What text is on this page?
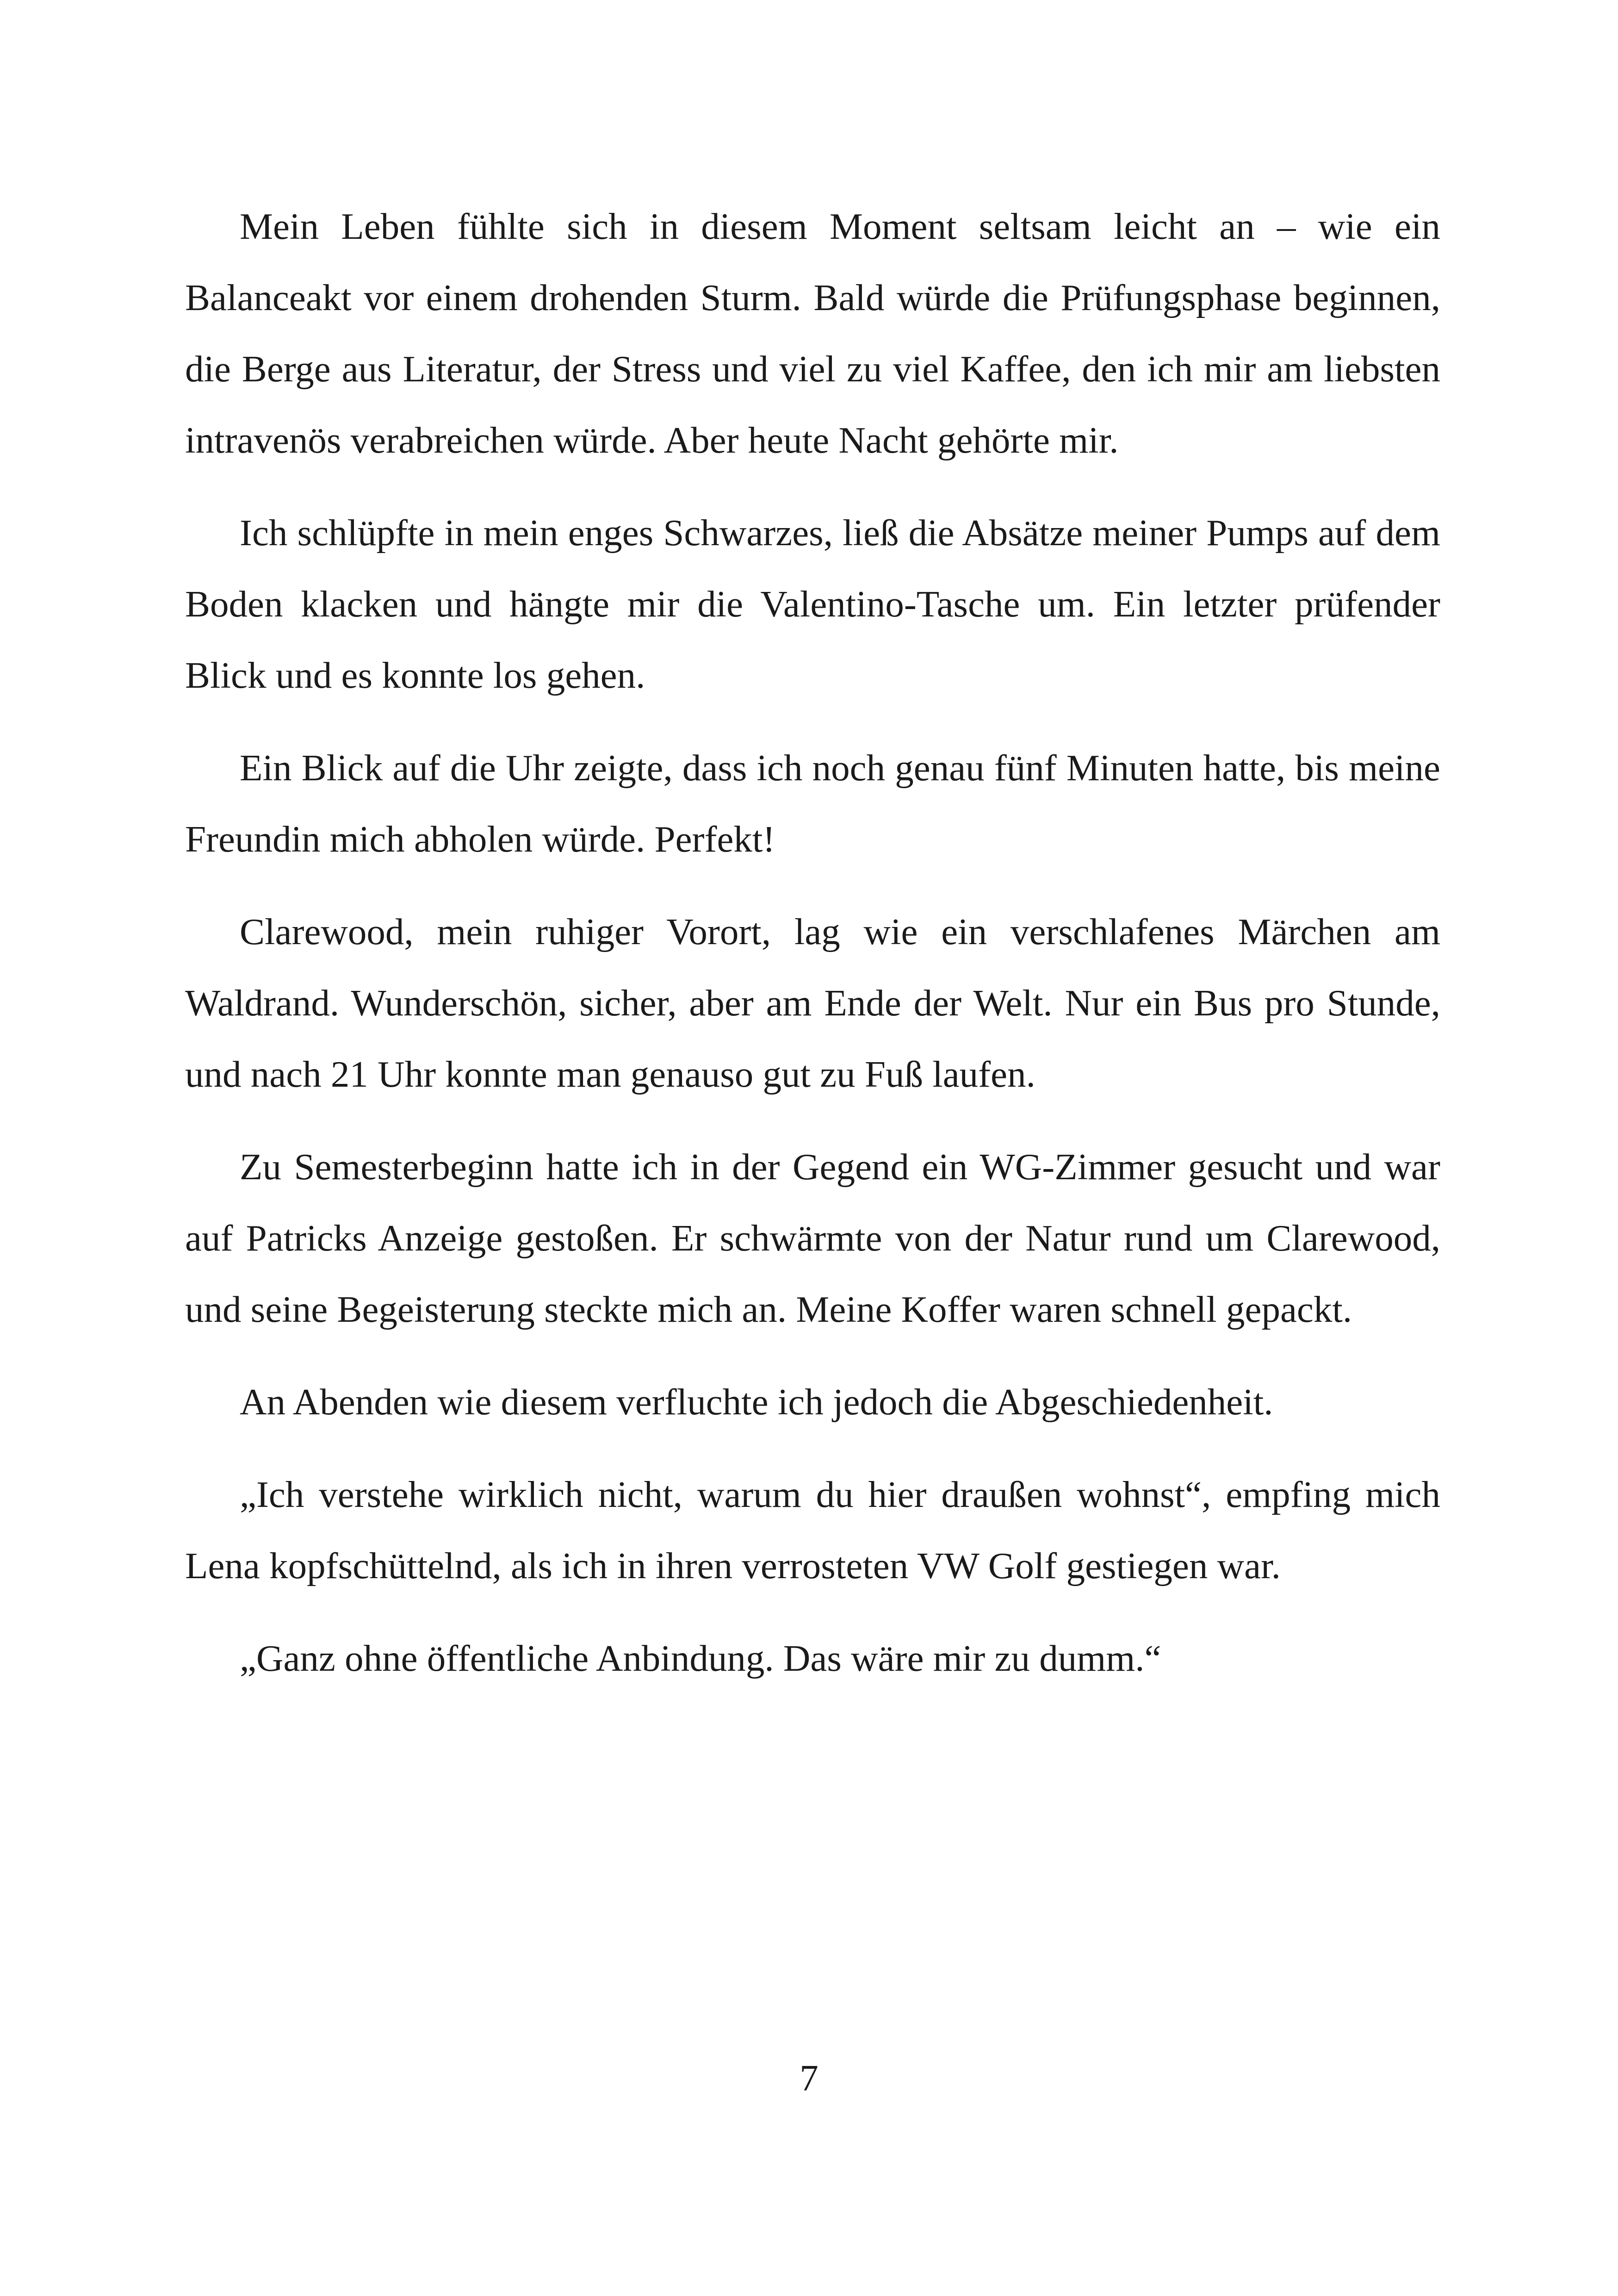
Mein Leben fühlte sich in diesem Moment seltsam leicht an – wie ein Balanceakt vor einem drohenden Sturm. Bald würde die Prüfungsphase beginnen, die Berge aus Literatur, der Stress und viel zu viel Kaffee, den ich mir am liebsten intravenös verabreichen würde. Aber heute Nacht gehörte mir.

Ich schlüpfte in mein enges Schwarzes, ließ die Absätze meiner Pumps auf dem Boden klacken und hängte mir die Valentino-Tasche um. Ein letzter prüfender Blick und es konnte los gehen.

Ein Blick auf die Uhr zeigte, dass ich noch genau fünf Minuten hatte, bis meine Freundin mich abholen würde. Perfekt!

Clarewood, mein ruhiger Vorort, lag wie ein verschlafenes Märchen am Waldrand. Wunderschön, sicher, aber am Ende der Welt. Nur ein Bus pro Stunde, und nach 21 Uhr konnte man genauso gut zu Fuß laufen.

Zu Semesterbeginn hatte ich in der Gegend ein WG-Zimmer gesucht und war auf Patricks Anzeige gestoßen. Er schwärmte von der Natur rund um Clarewood, und seine Begeisterung steckte mich an. Meine Koffer waren schnell gepackt.

An Abenden wie diesem verfluchte ich jedoch die Abgeschiedenheit.

„Ich verstehe wirklich nicht, warum du hier draußen wohnst“, empfing mich Lena kopfschüttelnd, als ich in ihren verrosteten VW Golf gestiegen war.

„Ganz ohne öffentliche Anbindung. Das wäre mir zu dumm.“

7
